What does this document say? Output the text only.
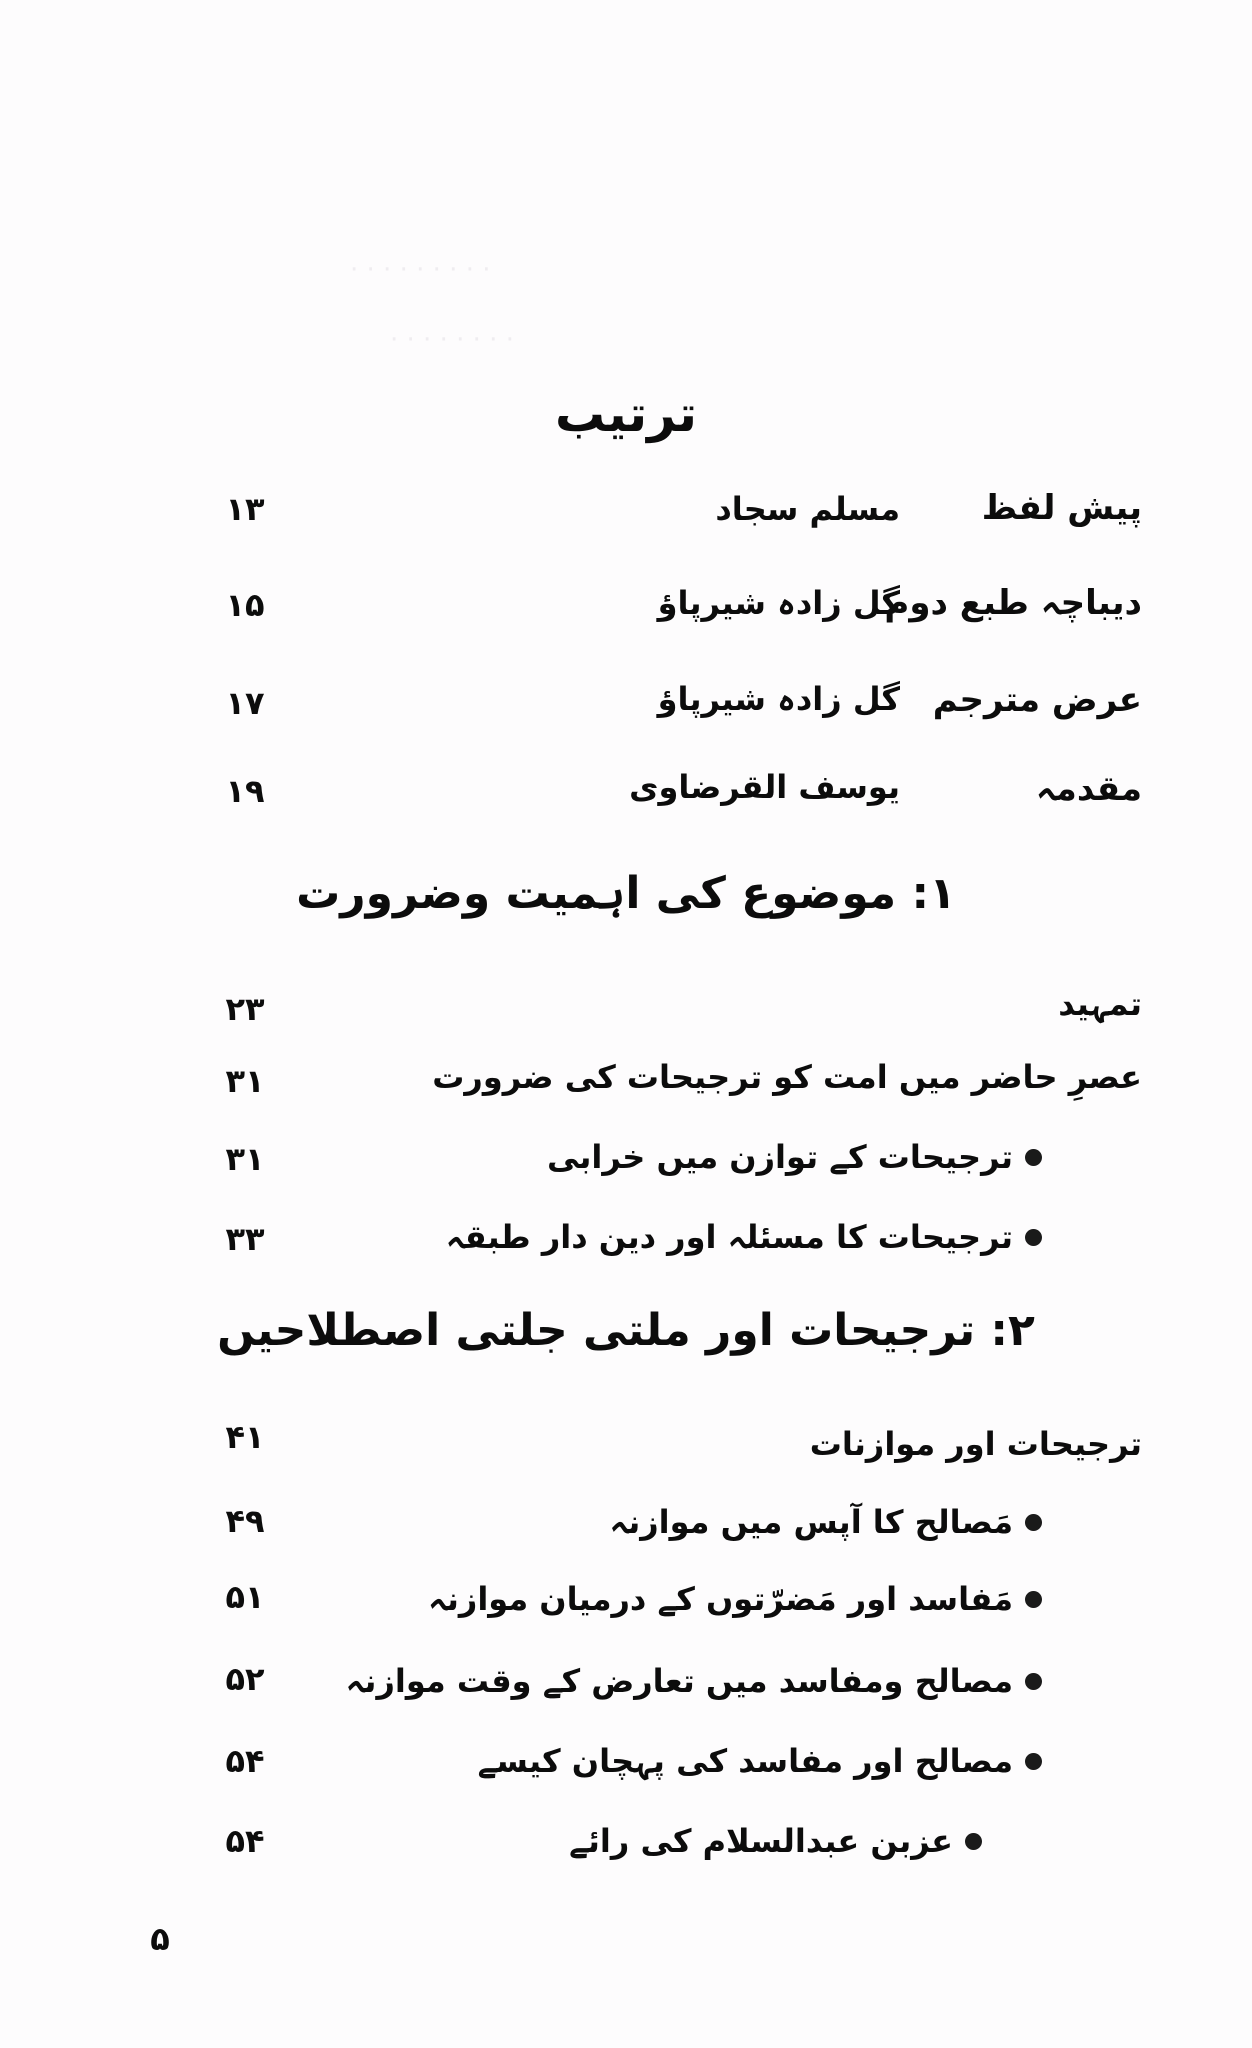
· · · · · · · · ·
· · · · · · · ·
ترتیب
پیش لفظ
مسلم سجاد
۱۳
دیباچہ طبع دوم
گل زادہ شیرپاؤ
۱۵
عرض مترجم
گل زادہ شیرپاؤ
۱۷
مقدمہ
یوسف القرضاوی
۱۹
۱: موضوع کی اہمیت وضرورت
تمہید
۲۳
عصرِ حاضر میں امت کو ترجیحات کی ضرورت
۳۱
ترجیحات کے توازن میں خرابی
۳۱
ترجیحات کا مسئلہ اور دین دار طبقہ
۳۳
۲: ترجیحات اور ملتی جلتی اصطلاحیں
ترجیحات اور موازنات
۴۱
مَصالح کا آپس میں موازنہ
۴۹
مَفاسد اور مَضرّتوں کے درمیان موازنہ
۵۱
مصالح ومفاسد میں تعارض کے وقت موازنہ
۵۲
مصالح اور مفاسد کی پہچان کیسے
۵۴
عزبن عبدالسلام کی رائے
۵۴
۵
